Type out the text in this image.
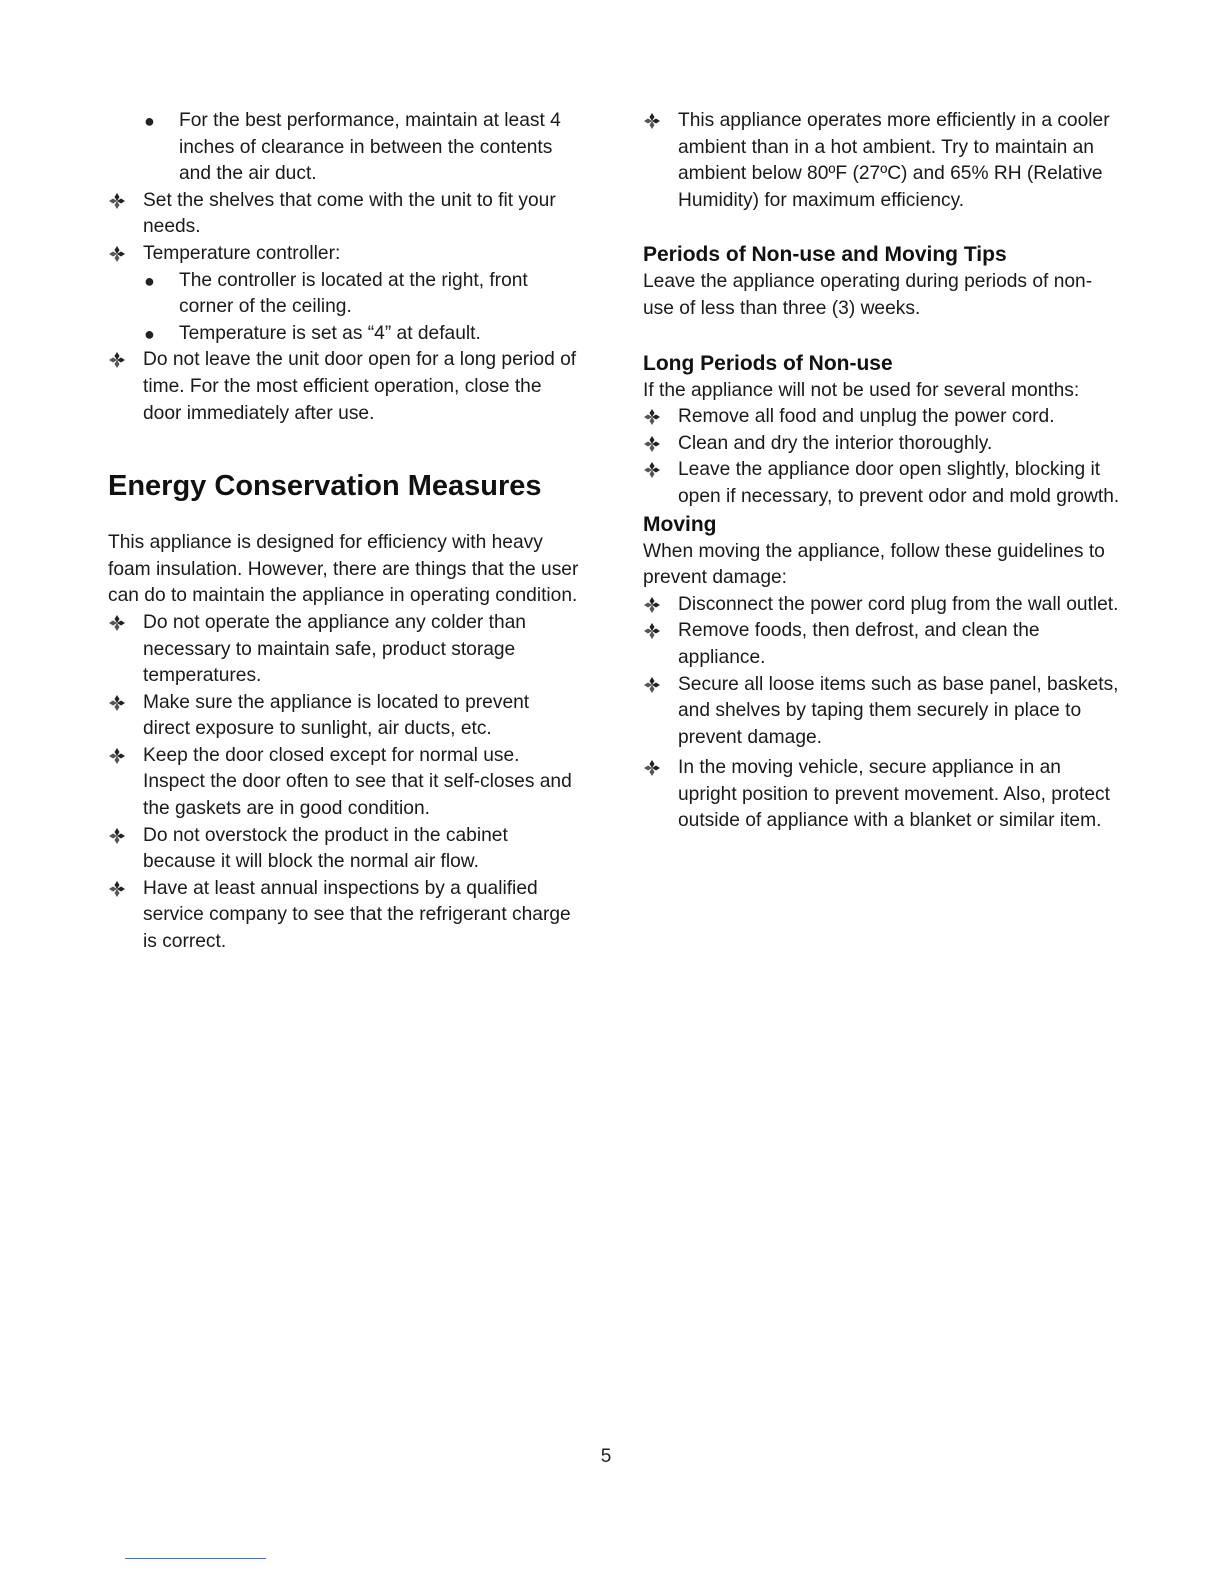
● For the best performance, maintain at least 4 inches of clearance in between the contents and the air duct.

Set the shelves that come with the unit to fit your needs.

Temperature controller:

● The controller is located at the right, front corner of the ceiling.

● Temperature is set as “4” at default.

Do not leave the unit door open for a long period of time. For the most efficient operation, close the door immediately after use.

Energy Conservation Measures

This appliance is designed for efficiency with heavy foam insulation. However, there are things that the user can do to maintain the appliance in operating condition.

Do not operate the appliance any colder than necessary to maintain safe, product storage temperatures.

Make sure the appliance is located to prevent direct exposure to sunlight, air ducts, etc.

Keep the door closed except for normal use. Inspect the door often to see that it self-closes and the gaskets are in good condition.

Do not overstock the product in the cabinet because it will block the normal air flow.

Have at least annual inspections by a qualified service company to see that the refrigerant charge is correct.

This appliance operates more efficiently in a cooler ambient than in a hot ambient. Try to maintain an ambient below 80ºF (27ºC) and 65% RH (Relative Humidity) for maximum efficiency.

Periods of Non-use and Moving Tips

Leave the appliance operating during periods of non-use of less than three (3) weeks.

Long Periods of Non-use

If the appliance will not be used for several months:

Remove all food and unplug the power cord.

Clean and dry the interior thoroughly.

Leave the appliance door open slightly, blocking it open if necessary, to prevent odor and mold growth.

Moving

When moving the appliance, follow these guidelines to prevent damage:

Disconnect the power cord plug from the wall outlet.

Remove foods, then defrost, and clean the appliance.

Secure all loose items such as base panel, baskets, and shelves by taping them securely in place to prevent damage.

In the moving vehicle, secure appliance in an upright position to prevent movement. Also, protect outside of appliance with a blanket or similar item.

5
